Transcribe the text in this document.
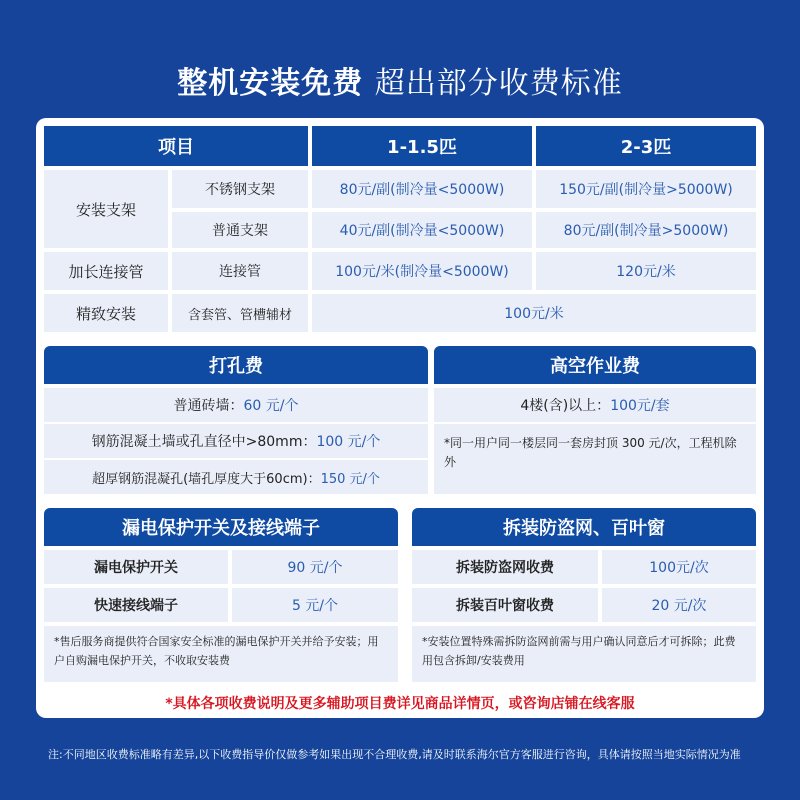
整机安装免费 超出部分收费标准
项目	1-1.5匹	2-3匹
安装支架
不锈钢支架	80元/副(制冷量<5000W)	150元/副(制冷量>5000W)
普通支架	40元/副(制冷量<5000W)	80元/副(制冷量>5000W)
加长连接管	连接管	100元/米(制冷量<5000W)	120元/米
精致安装	含套管、管槽辅材	100元/米
打孔费
普通砖墙： 60 元/个
钢筋混凝土墙或孔直径中>80mm： 100 元/个
超厚钢筋混凝孔(墙孔厚度大于60cm)： 150 元/个
高空作业费
4楼(含)以上： 100元/套
*同一用户同一楼层同一套房封顶 300 元/次，工程机除外
漏电保护开关及接线端子
漏电保护开关	90 元/个
快速接线端子	5 元/个
*售后服务商提供符合国家安全标准的漏电保护开关并给予安装；用户自购漏电保护开关，不收取安装费
拆装防盗网、百叶窗
拆装防盗网收费	100元/次
拆装百叶窗收费	20 元/次
*安装位置特殊需拆防盗网前需与用户确认同意后才可拆除；此费用包含拆卸/安装费用
*具体各项收费说明及更多辅助项目费详见商品详情页，或咨询店铺在线客服
注:不同地区收费标准略有差异,以下收费指导价仅做参考如果出现不合理收费,请及时联系海尔官方客服进行咨询，具体请按照当地实际情况为准
